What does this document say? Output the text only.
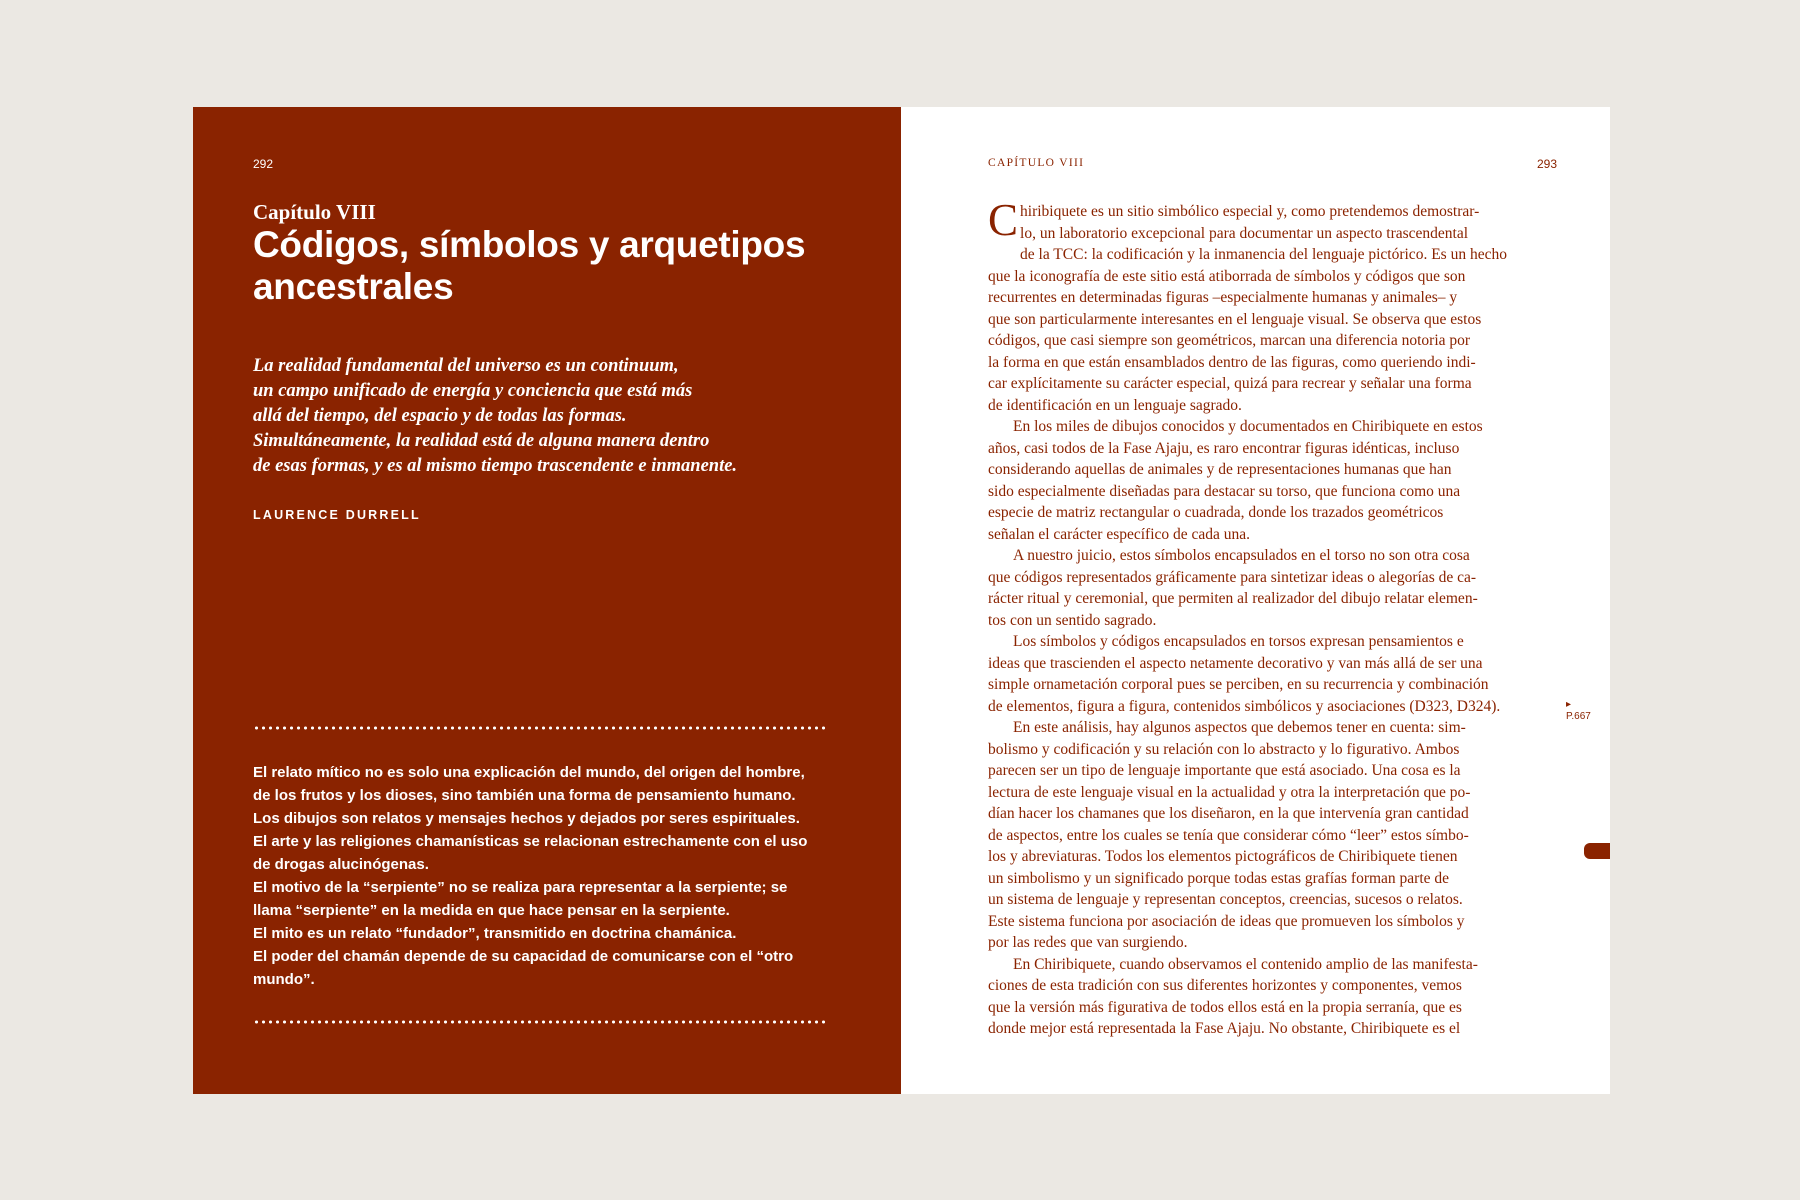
292
Capítulo VIII
Códigos, símbolos y arquetipos ancestrales
La realidad fundamental del universo es un continuum,
un campo unificado de energía y conciencia que está más
allá del tiempo, del espacio y de todas las formas.
Simultáneamente, la realidad está de alguna manera dentro
de esas formas, y es al mismo tiempo trascendente e inmanente.
LAURENCE DURRELL
El relato mítico no es solo una explicación del mundo, del origen del hombre,
de los frutos y los dioses, sino también una forma de pensamiento humano.
Los dibujos son relatos y mensajes hechos y dejados por seres espirituales.
El arte y las religiones chamanísticas se relacionan estrechamente con el uso
de drogas alucinógenas.
El motivo de la “serpiente” no se realiza para representar a la serpiente; se
llama “serpiente” en la medida en que hace pensar en la serpiente.
El mito es un relato “fundador”, transmitido en doctrina chamánica.
El poder del chamán depende de su capacidad de comunicarse con el “otro
mundo”.
CAPÍTULO VIII	293
C hiribiquete es un sitio simbólico especial y, como pretendemos demostrar-
lo, un laboratorio excepcional para documentar un aspecto trascendental
de la TCC: la codificación y la inmanencia del lenguaje pictórico. Es un hecho
que la iconografía de este sitio está atiborrada de símbolos y códigos que son
recurrentes en determinadas figuras –especialmente humanas y animales– y
que son particularmente interesantes en el lenguaje visual. Se observa que estos
códigos, que casi siempre son geométricos, marcan una diferencia notoria por
la forma en que están ensamblados dentro de las figuras, como queriendo indi-
car explícitamente su carácter especial, quizá para recrear y señalar una forma
de identificación en un lenguaje sagrado.
En los miles de dibujos conocidos y documentados en Chiribiquete en estos
años, casi todos de la Fase Ajaju, es raro encontrar figuras idénticas, incluso
considerando aquellas de animales y de representaciones humanas que han
sido especialmente diseñadas para destacar su torso, que funciona como una
especie de matriz rectangular o cuadrada, donde los trazados geométricos
señalan el carácter específico de cada una.
A nuestro juicio, estos símbolos encapsulados en el torso no son otra cosa
que códigos representados gráficamente para sintetizar ideas o alegorías de ca-
rácter ritual y ceremonial, que permiten al realizador del dibujo relatar elemen-
tos con un sentido sagrado.
Los símbolos y códigos encapsulados en torsos expresan pensamientos e
ideas que trascienden el aspecto netamente decorativo y van más allá de ser una
simple ornametación corporal pues se perciben, en su recurrencia y combinación
de elementos, figura a figura, contenidos simbólicos y asociaciones (D323, D324).
En este análisis, hay algunos aspectos que debemos tener en cuenta: sim-
bolismo y codificación y su relación con lo abstracto y lo figurativo. Ambos
parecen ser un tipo de lenguaje importante que está asociado. Una cosa es la
lectura de este lenguaje visual en la actualidad y otra la interpretación que po-
dían hacer los chamanes que los diseñaron, en la que intervenía gran cantidad
de aspectos, entre los cuales se tenía que considerar cómo “leer” estos símbo-
los y abreviaturas. Todos los elementos pictográficos de Chiribiquete tienen
un simbolismo y un significado porque todas estas grafías forman parte de
un sistema de lenguaje y representan conceptos, creencias, sucesos o relatos.
Este sistema funciona por asociación de ideas que promueven los símbolos y
por las redes que van surgiendo.
En Chiribiquete, cuando observamos el contenido amplio de las manifesta-
ciones de esta tradición con sus diferentes horizontes y componentes, vemos
que la versión más figurativa de todos ellos está en la propia serranía, que es
donde mejor está representada la Fase Ajaju. No obstante, Chiribiquete es el
▸
P.667
